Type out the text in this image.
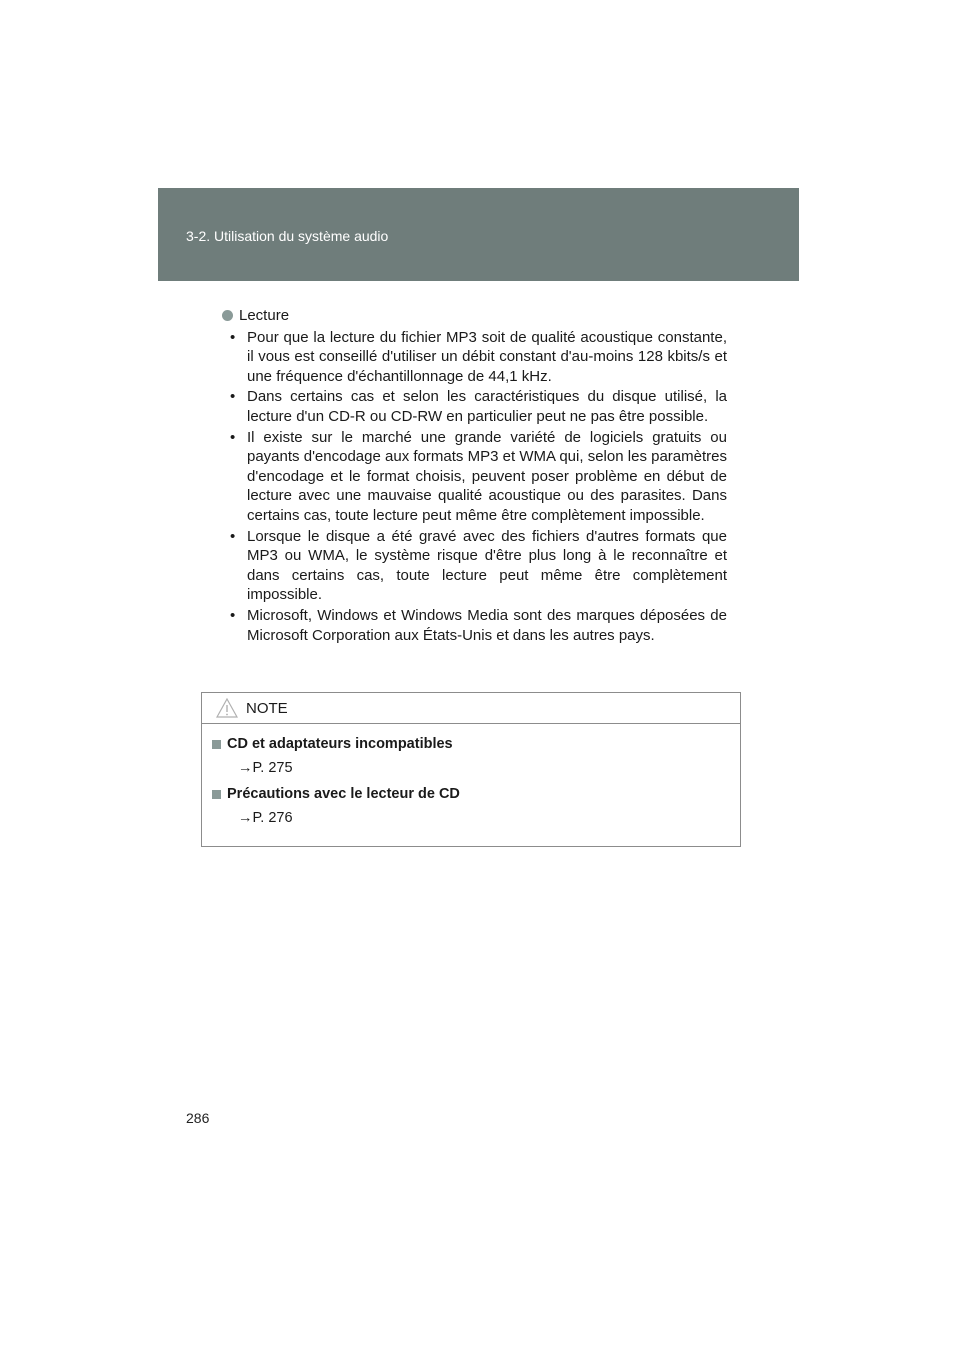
3-2. Utilisation du système audio
Lecture
• Pour que la lecture du fichier MP3 soit de qualité acoustique constante, il vous est conseillé d'utiliser un débit constant d'au-moins 128 kbits/s et une fréquence d'échantillonnage de 44,1 kHz.
• Dans certains cas et selon les caractéristiques du disque utilisé, la lecture d'un CD-R ou CD-RW en particulier peut ne pas être possible.
• Il existe sur le marché une grande variété de logiciels gratuits ou payants d'encodage aux formats MP3 et WMA qui, selon les paramètres d'encodage et le format choisis, peuvent poser problème en début de lecture avec une mauvaise qualité acoustique ou des parasites. Dans certains cas, toute lecture peut même être complètement impossible.
• Lorsque le disque a été gravé avec des fichiers d'autres formats que MP3 ou WMA, le système risque d'être plus long à le reconnaître et dans certains cas, toute lecture peut même être complètement impossible.
• Microsoft, Windows et Windows Media sont des marques déposées de Microsoft Corporation aux États-Unis et dans les autres pays.
NOTE
CD et adaptateurs incompatibles
→P. 275
Précautions avec le lecteur de CD
→P. 276
286
